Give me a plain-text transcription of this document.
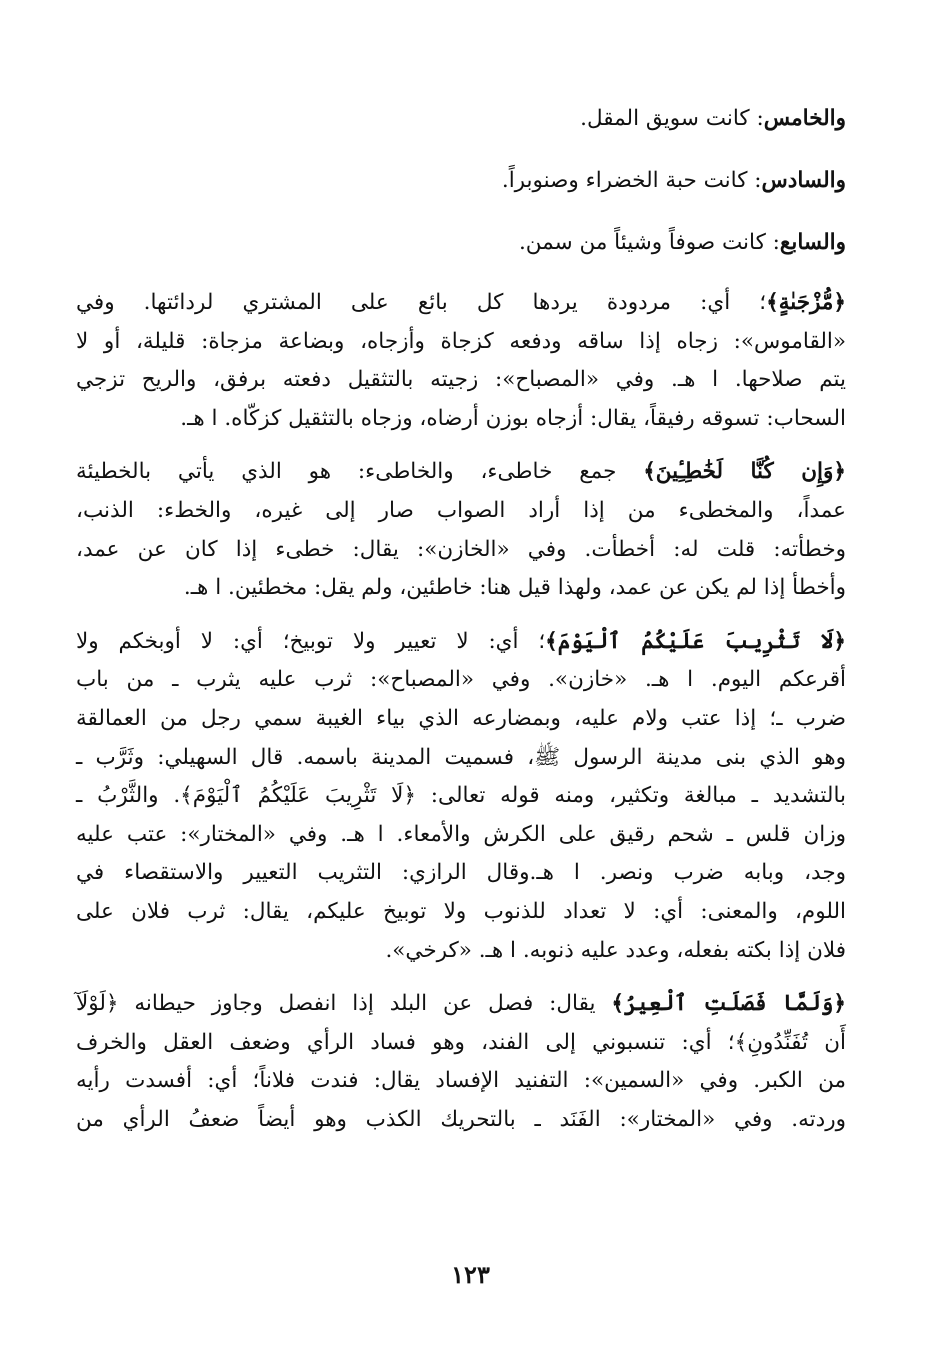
والخامس: كانت سويق المقل.
والسادس: كانت حبة الخضراء وصنوبراً.
والسابع: كانت صوفاً وشيئاً من سمن.

﴿مُّزْجَىٰةٍ﴾؛ أي: مردودة يردها كل بائع على المشتري لردائتها. وفي
«القاموس»: زجاه إذا ساقه ودفعه كزجاة وأزجاه، وبضاعة مزجاة: قليلة، أو لا
يتم صلاحها. ا هـ. وفي «المصباح»: زجيته بالتثقيل دفعته برفق، والريح تزجي
السحاب: تسوقه رفيقاً، يقال: أزجاه بوزن أرضاه، وزجاه بالتثقيل كزكّاه. ا هـ.

﴿وَإِن كُنَّا لَخَٰطِـِٔينَ﴾ جمع خاطىء، والخاطىء: هو الذي يأتي بالخطيئة
عمداً، والمخطىء من إذا أراد الصواب صار إلى غيره، والخطء: الذنب،
وخطأته: قلت له: أخطأت. وفي «الخازن»: يقال: خطىء إذا كان عن عمد،
وأخطأ إذا لم يكن عن عمد، ولهذا قيل هنا: خاطئين، ولم يقل: مخطئين. ا هـ.

﴿لَا تَثْرِيبَ عَلَيْكُمُ ٱلْيَوْمَ﴾؛ أي: لا تعيير ولا توبيخ؛ أي: لا أوبخكم ولا
أقرعكم اليوم. ا هـ. «خازن». وفي «المصباح»: ثرب عليه يثرب ـ من باب
ضرب ـ؛ إذا عتب ولام عليه، وبمضارعه الذي بياء الغيبة سمي رجل من العمالقة
وهو الذي بنى مدينة الرسول ﷺ، فسميت المدينة باسمه. قال السهيلي: وثَرَّب ـ
بالتشديد ـ مبالغة وتكثير، ومنه قوله تعالى: ﴿لَا تَثْرِيبَ عَلَيْكُمُ ٱلْيَوْمَ﴾. والثَّرْبُ ـ
وزان قلس ـ شحم رقيق على الكرش والأمعاء. ا هـ. وفي «المختار»: عتب عليه
وجد، وبابه ضرب ونصر. ا هـ.وقال الرازي: التثريب التعيير والاستقصاء في
اللوم، والمعنى: أي: لا تعداد للذنوب ولا توبيخ عليكم، يقال: ثرب فلان على
فلان إذا بكته بفعله، وعدد عليه ذنوبه. ا هـ. «كرخي».

﴿وَلَمَّا فَصَلَتِ ٱلْعِيرُ﴾ يقال: فصل عن البلد إذا انفصل وجاوز حيطانه ﴿لَوْلَآ
أَن تُفَنِّدُونِ﴾؛ أي: تنسبوني إلى الفند، وهو فساد الرأي وضعف العقل والخرف
من الكبر. وفي «السمين»: التفنيد الإفساد يقال: فندت فلاناً؛ أي: أفسدت رأيه
وردته. وفي «المختار»: الفَنَد ـ بالتحريك الكذب وهو أيضاً ضعفُ الرأي من

١٢٣
